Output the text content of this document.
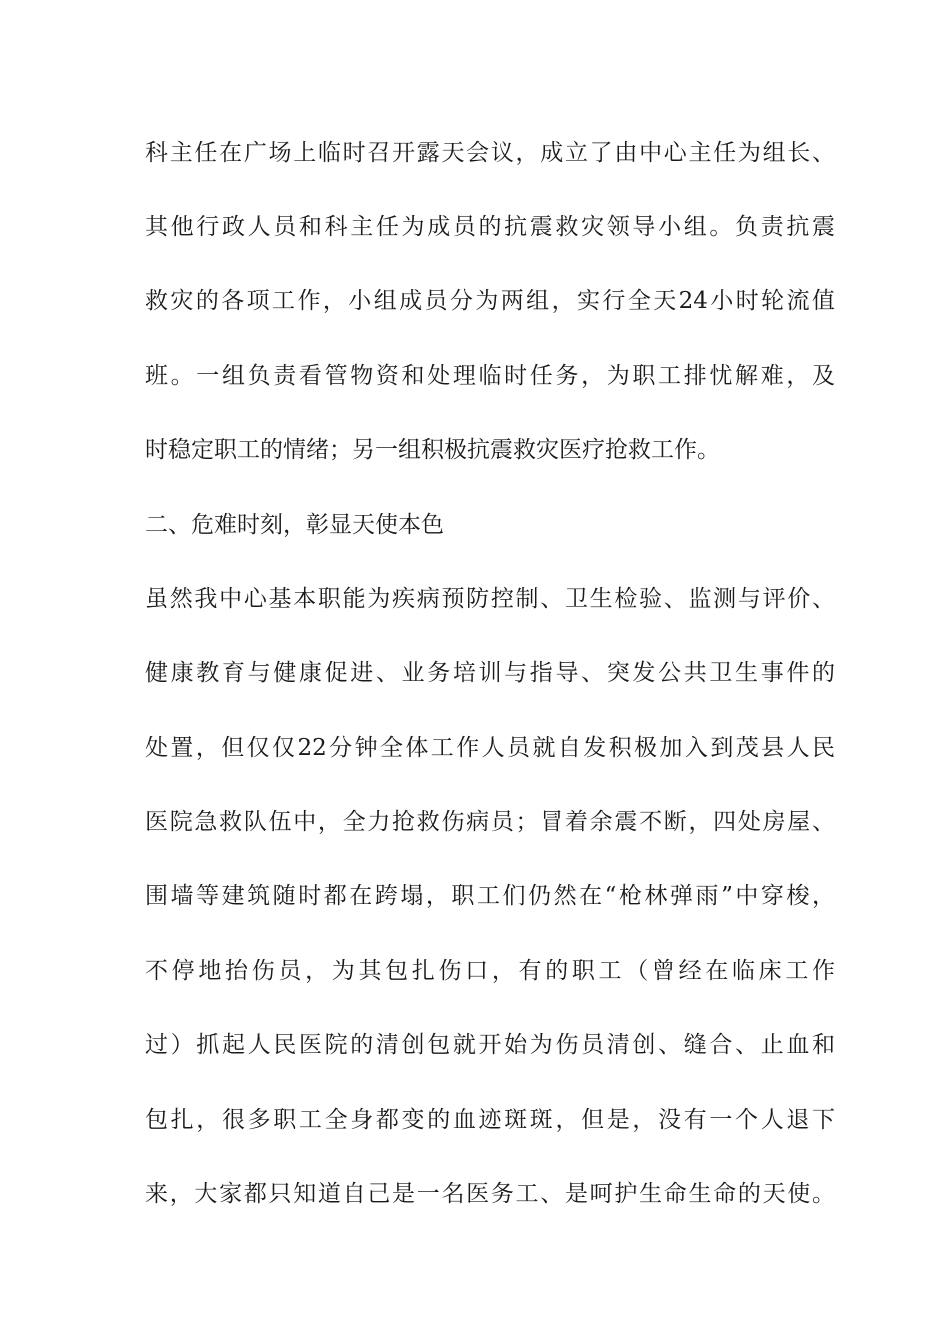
科主任在广场上临时召开露天会议，成立了由中心主任为组长、
其他行政人员和科主任为成员的抗震救灾领导小组。负责抗震
救灾的各项工作，小组成员分为两组，实行全天24小时轮流值
班。一组负责看管物资和处理临时任务，为职工排忧解难，及
时稳定职工的情绪；另一组积极抗震救灾医疗抢救工作。
二、危难时刻，彰显天使本色
虽然我中心基本职能为疾病预防控制、卫生检验、监测与评价、
健康教育与健康促进、业务培训与指导、突发公共卫生事件的
处置，但仅仅22分钟全体工作人员就自发积极加入到茂县人民
医院急救队伍中，全力抢救伤病员；冒着余震不断，四处房屋、
围墙等建筑随时都在跨塌，职工们仍然在“枪林弹雨”中穿梭，
不停地抬伤员，为其包扎伤口，有的职工（曾经在临床工作
过）抓起人民医院的清创包就开始为伤员清创、缝合、止血和
包扎，很多职工全身都变的血迹斑斑，但是，没有一个人退下
来，大家都只知道自己是一名医务工、是呵护生命生命的天使。
